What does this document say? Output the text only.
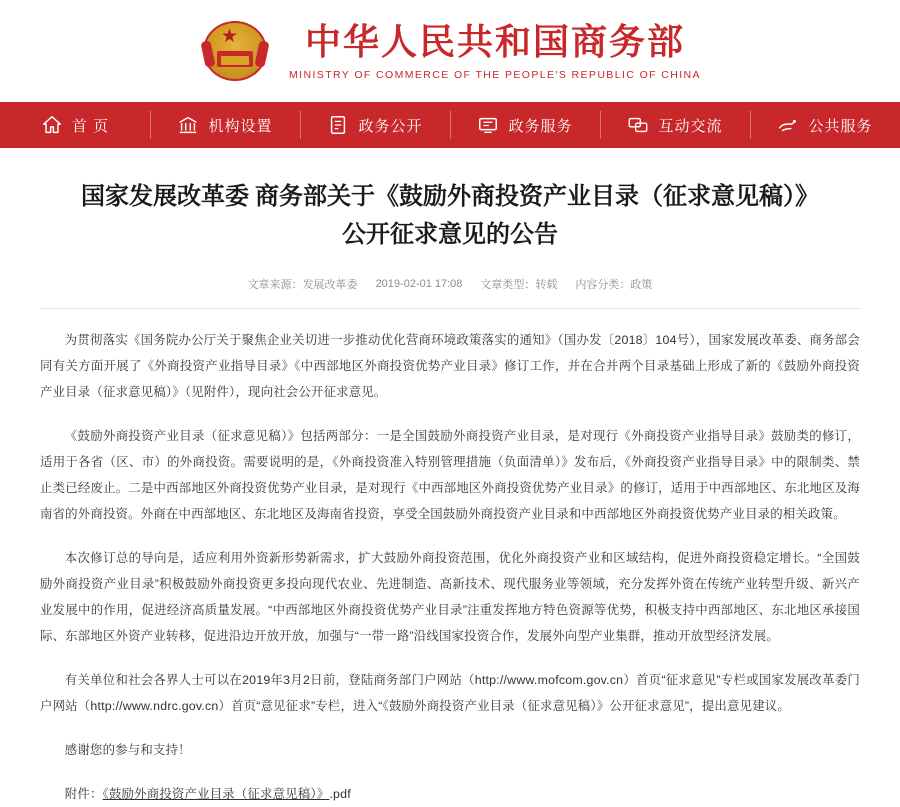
中华人民共和国商务部
MINISTRY OF COMMERCE OF THE PEOPLE'S REPUBLIC OF CHINA
首 页	机构设置	政务公开	政务服务	互动交流	公共服务
国家发展改革委 商务部关于《鼓励外商投资产业目录（征求意见稿）》公开征求意见的公告
文章来源：发展改革委 2019-02-01 17:08 文章类型：转载 内容分类：政策

为贯彻落实《国务院办公厅关于聚焦企业关切进一步推动优化营商环境政策落实的通知》（国办发〔2018〕104号），国家发展改革委、商务部会同有关方面开展了《外商投资产业指导目录》《中西部地区外商投资优势产业目录》修订工作，并在合并两个目录基础上形成了新的《鼓励外商投资产业目录（征求意见稿）》（见附件），现向社会公开征求意见。

《鼓励外商投资产业目录（征求意见稿）》包括两部分：一是全国鼓励外商投资产业目录，是对现行《外商投资产业指导目录》鼓励类的修订，适用于各省（区、市）的外商投资。需要说明的是，《外商投资准入特别管理措施（负面清单）》发布后，《外商投资产业指导目录》中的限制类、禁止类已经废止。二是中西部地区外商投资优势产业目录，是对现行《中西部地区外商投资优势产业目录》的修订，适用于中西部地区、东北地区及海南省的外商投资。外商在中西部地区、东北地区及海南省投资，享受全国鼓励外商投资产业目录和中西部地区外商投资优势产业目录的相关政策。

本次修订总的导向是，适应利用外资新形势新需求，扩大鼓励外商投资范围，优化外商投资产业和区域结构，促进外商投资稳定增长。“全国鼓励外商投资产业目录”积极鼓励外商投资更多投向现代农业、先进制造、高新技术、现代服务业等领域，充分发挥外资在传统产业转型升级、新兴产业发展中的作用，促进经济高质量发展。“中西部地区外商投资优势产业目录”注重发挥地方特色资源等优势，积极支持中西部地区、东北地区承接国际、东部地区外资产业转移，促进沿边开放开放，加强与“一带一路”沿线国家投资合作，发展外向型产业集群，推动开放型经济发展。

有关单位和社会各界人士可以在2019年3月2日前，登陆商务部门户网站（http://www.mofcom.gov.cn）首页“征求意见”专栏或国家发展改革委门户网站（http://www.ndrc.gov.cn）首页“意见征求”专栏，进入“《鼓励外商投资产业目录（征求意见稿）》公开征求意见”，提出意见建议。

感谢您的参与和支持！

附件：《鼓励外商投资产业目录（征求意见稿）》.pdf
